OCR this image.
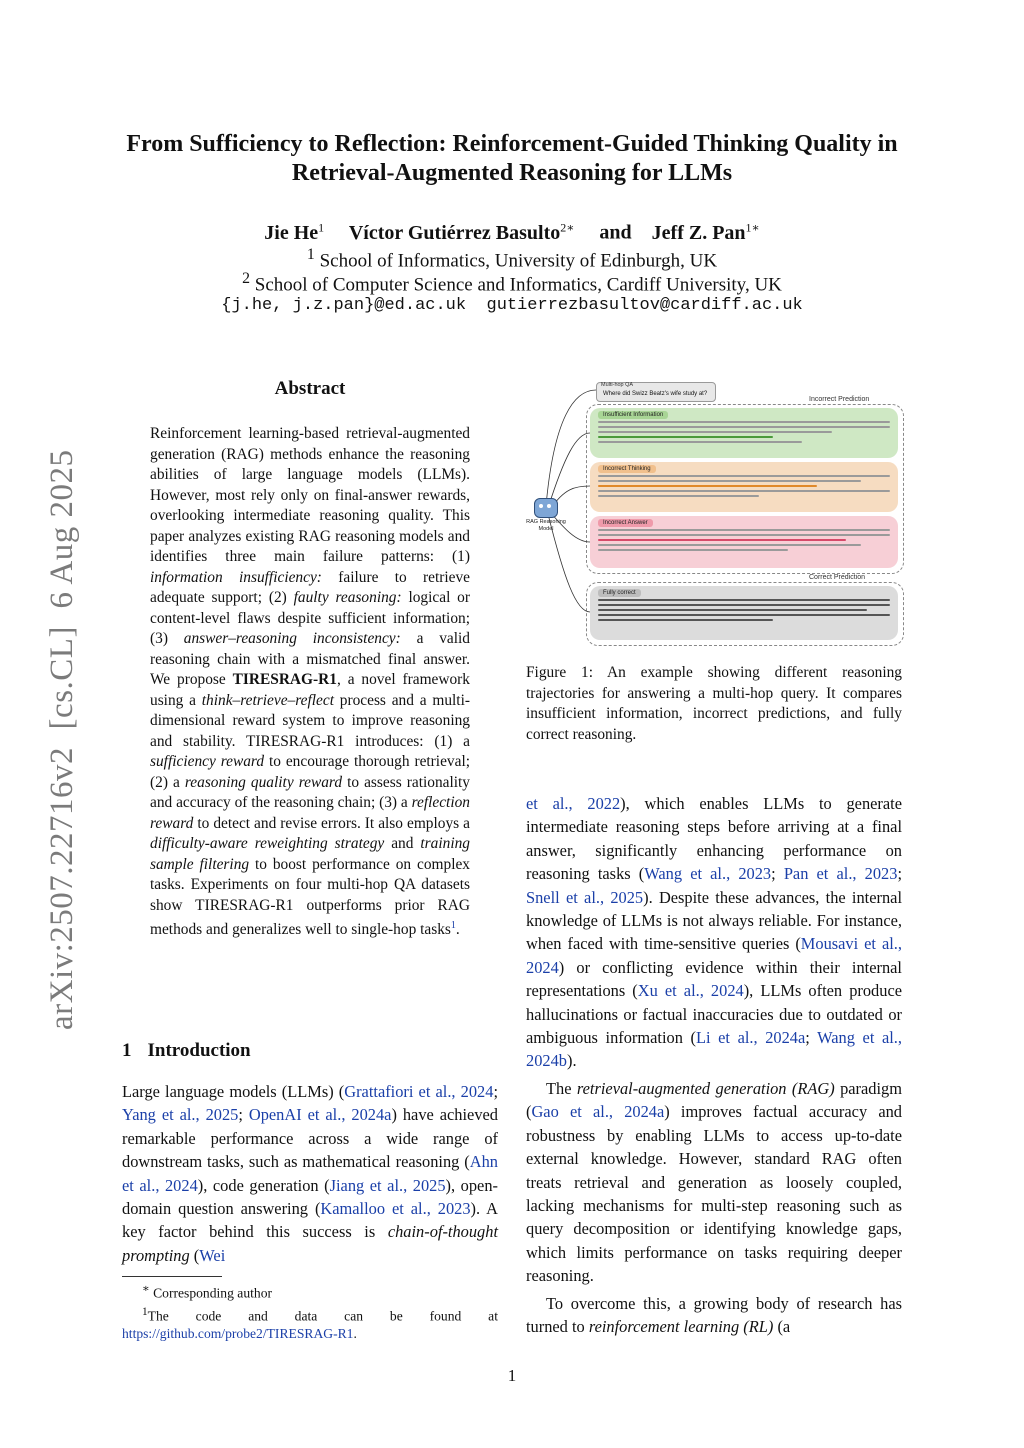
From Sufficiency to Reflection: Reinforcement-Guided Thinking Quality in
Retrieval-Augmented Reasoning for LLMs
Jie He$^1$ Víctor Gutiérrez Basulto$^{2∗}$ and Jeff Z. Pan$^{1∗}$
$^1$ School of Informatics, University of Edinburgh, UK
$^2$ School of Computer Science and Informatics, Cardiff University, UK
{j.he, j.z.pan}@ed.ac.uk  gutierrezbasultov@cardiff.ac.uk
arXiv:2507.22716v2  [cs.CL]  6 Aug 2025
Abstract
Reinforcement learning-based retrieval-augmented generation (RAG) methods enhance the reasoning abilities of large language models (LLMs). However, most rely only on final-answer rewards, overlooking intermediate reasoning quality. This paper analyzes existing RAG reasoning models and identifies three main failure patterns: (1) information insufficiency: failure to retrieve adequate support; (2) faulty reasoning: logical or content-level flaws despite sufficient information; (3) answer–reasoning inconsistency: a valid reasoning chain with a mismatched final answer. We propose TIRESRAG-R1, a novel framework using a think–retrieve–reflect process and a multi-dimensional reward system to improve reasoning and stability. TIRESRAG-R1 introduces: (1) a sufficiency reward to encourage thorough retrieval; (2) a reasoning quality reward to assess rationality and accuracy of the reasoning chain; (3) a reflection reward to detect and revise errors. It also employs a difficulty-aware reweighting strategy and training sample filtering to boost performance on complex tasks. Experiments on four multi-hop QA datasets show TIRESRAG-R1 outperforms prior RAG methods and generalizes well to single-hop tasks$^1$.
1 Introduction
Large language models (LLMs) (Grattafiori et al., 2024; Yang et al., 2025; OpenAI et al., 2024a) have achieved remarkable performance across a wide range of downstream tasks, such as mathematical reasoning (Ahn et al., 2024), code generation (Jiang et al., 2025), open-domain question answering (Kamalloo et al., 2023). A key factor behind this success is chain-of-thought prompting (Wei
∗ Corresponding author
$^1$The code and data can be found at https://github.com/probe2/TIRESRAG-R1.
Multi-hop QA
Where did Swizz Beatz's wife study at?
Incorrect Prediction
Insufficient Information
Incorrect Thinking
Incorrect Answer
Correct Prediction
Fully correct
RAG Reasoning Model
Figure 1: An example showing different reasoning trajectories for answering a multi-hop query. It compares insufficient information, incorrect predictions, and fully correct reasoning.

et al., 2022), which enables LLMs to generate intermediate reasoning steps before arriving at a final answer, significantly enhancing performance on reasoning tasks (Wang et al., 2023; Pan et al., 2023; Snell et al., 2025). Despite these advances, the internal knowledge of LLMs is not always reliable. For instance, when faced with time-sensitive queries (Mousavi et al., 2024) or conflicting evidence within their internal representations (Xu et al., 2024), LLMs often produce hallucinations or factual inaccuracies due to outdated or ambiguous information (Li et al., 2024a; Wang et al., 2024b).

The retrieval-augmented generation (RAG) paradigm (Gao et al., 2024a) improves factual accuracy and robustness by enabling LLMs to access up-to-date external knowledge. However, standard RAG often treats retrieval and generation as loosely coupled, lacking mechanisms for multi-step reasoning such as query decomposition or identifying knowledge gaps, which limits performance on tasks requiring deeper reasoning.

To overcome this, a growing body of research has turned to reinforcement learning (RL) (a

1
